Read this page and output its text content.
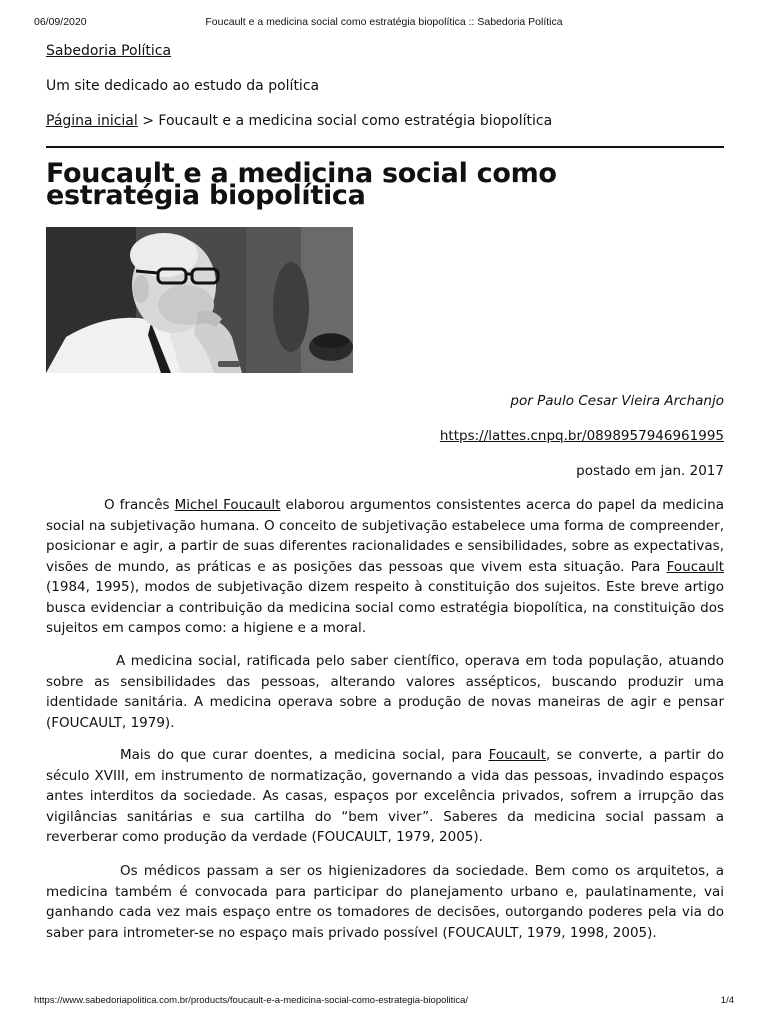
06/09/2020	Foucault e a medicina social como estratégia biopolítica :: Sabedoria Política
Sabedoria Política
Um site dedicado ao estudo da política
Página inicial > Foucault e a medicina social como estratégia biopolítica
Foucault e a medicina social como estratégia biopolítica
por Paulo Cesar Vieira Archanjo
https://lattes.cnpq.br/0898957946961995
postado em jan. 2017

O francês Michel Foucault elaborou argumentos consistentes acerca do papel da medicina social na subjetivação humana. O conceito de subjetivação estabelece uma forma de compreender, posicionar e agir, a partir de suas diferentes racionalidades e sensibilidades, sobre as expectativas, visões de mundo, as práticas e as posições das pessoas que vivem esta situação. Para Foucault (1984, 1995), modos de subjetivação dizem respeito à constituição dos sujeitos. Este breve artigo busca evidenciar a contribuição da medicina social como estratégia biopolítica, na constituição dos sujeitos em campos como: a higiene e a moral.

A medicina social, ratificada pelo saber científico, operava em toda população, atuando sobre as sensibilidades das pessoas, alterando valores assépticos, buscando produzir uma identidade sanitária. A medicina operava sobre a produção de novas maneiras de agir e pensar (FOUCAULT, 1979).

Mais do que curar doentes, a medicina social, para Foucault, se converte, a partir do século XVIII, em instrumento de normatização, governando a vida das pessoas, invadindo espaços antes interditos da sociedade. As casas, espaços por excelência privados, sofrem a irrupção das vigilâncias sanitárias e sua cartilha do “bem viver”. Saberes da medicina social passam a reverberar como produção da verdade (FOUCAULT, 1979, 2005).

Os médicos passam a ser os higienizadores da sociedade. Bem como os arquitetos, a medicina também é convocada para participar do planejamento urbano e, paulatinamente, vai ganhando cada vez mais espaço entre os tomadores de decisões, outorgando poderes pela via do saber para intrometer-se no espaço mais privado possível (FOUCAULT, 1979, 1998, 2005).

https://www.sabedoriapolitica.com.br/products/foucault-e-a-medicina-social-como-estrategia-biopolitica/	1/4
